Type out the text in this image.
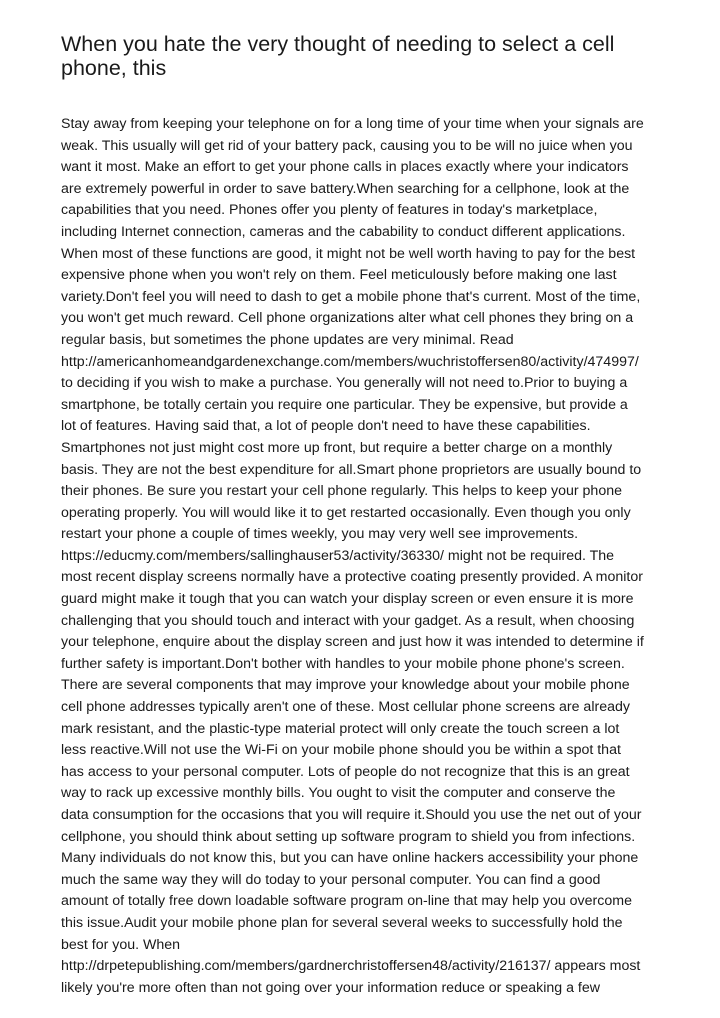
When you hate the very thought of needing to select a cell
phone, this
Stay away from keeping your telephone on for a long time of your time when your signals are
weak. This usually will get rid of your battery pack, causing you to be will no juice when you
want it most. Make an effort to get your phone calls in places exactly where your indicators
are extremely powerful in order to save battery.When searching for a cellphone, look at the
capabilities that you need. Phones offer you plenty of features in today's marketplace,
including Internet connection, cameras and the cabability to conduct different applications.
When most of these functions are good, it might not be well worth having to pay for the best
expensive phone when you won't rely on them. Feel meticulously before making one last
variety.Don't feel you will need to dash to get a mobile phone that's current. Most of the time,
you won't get much reward. Cell phone organizations alter what cell phones they bring on a
regular basis, but sometimes the phone updates are very minimal. Read
http://americanhomeandgardenexchange.com/members/wuchristoffersen80/activity/474997/
to deciding if you wish to make a purchase. You generally will not need to.Prior to buying a
smartphone, be totally certain you require one particular. They be expensive, but provide a
lot of features. Having said that, a lot of people don't need to have these capabilities.
Smartphones not just might cost more up front, but require a better charge on a monthly
basis. They are not the best expenditure for all.Smart phone proprietors are usually bound to
their phones. Be sure you restart your cell phone regularly. This helps to keep your phone
operating properly. You will would like it to get restarted occasionally. Even though you only
restart your phone a couple of times weekly, you may very well see improvements.
https://educmy.com/members/sallinghauser53/activity/36330/ might not be required. The
most recent display screens normally have a protective coating presently provided. A monitor
guard might make it tough that you can watch your display screen or even ensure it is more
challenging that you should touch and interact with your gadget. As a result, when choosing
your telephone, enquire about the display screen and just how it was intended to determine if
further safety is important.Don't bother with handles to your mobile phone phone's screen.
There are several components that may improve your knowledge about your mobile phone
cell phone addresses typically aren't one of these. Most cellular phone screens are already
mark resistant, and the plastic-type material protect will only create the touch screen a lot
less reactive.Will not use the Wi-Fi on your mobile phone should you be within a spot that
has access to your personal computer. Lots of people do not recognize that this is an great
way to rack up excessive monthly bills. You ought to visit the computer and conserve the
data consumption for the occasions that you will require it.Should you use the net out of your
cellphone, you should think about setting up software program to shield you from infections.
Many individuals do not know this, but you can have online hackers accessibility your phone
much the same way they will do today to your personal computer. You can find a good
amount of totally free down loadable software program on-line that may help you overcome
this issue.Audit your mobile phone plan for several several weeks to successfully hold the
best for you. When
http://drpetepublishing.com/members/gardnerchristoffersen48/activity/216137/ appears most
likely you're more often than not going over your information reduce or speaking a few
